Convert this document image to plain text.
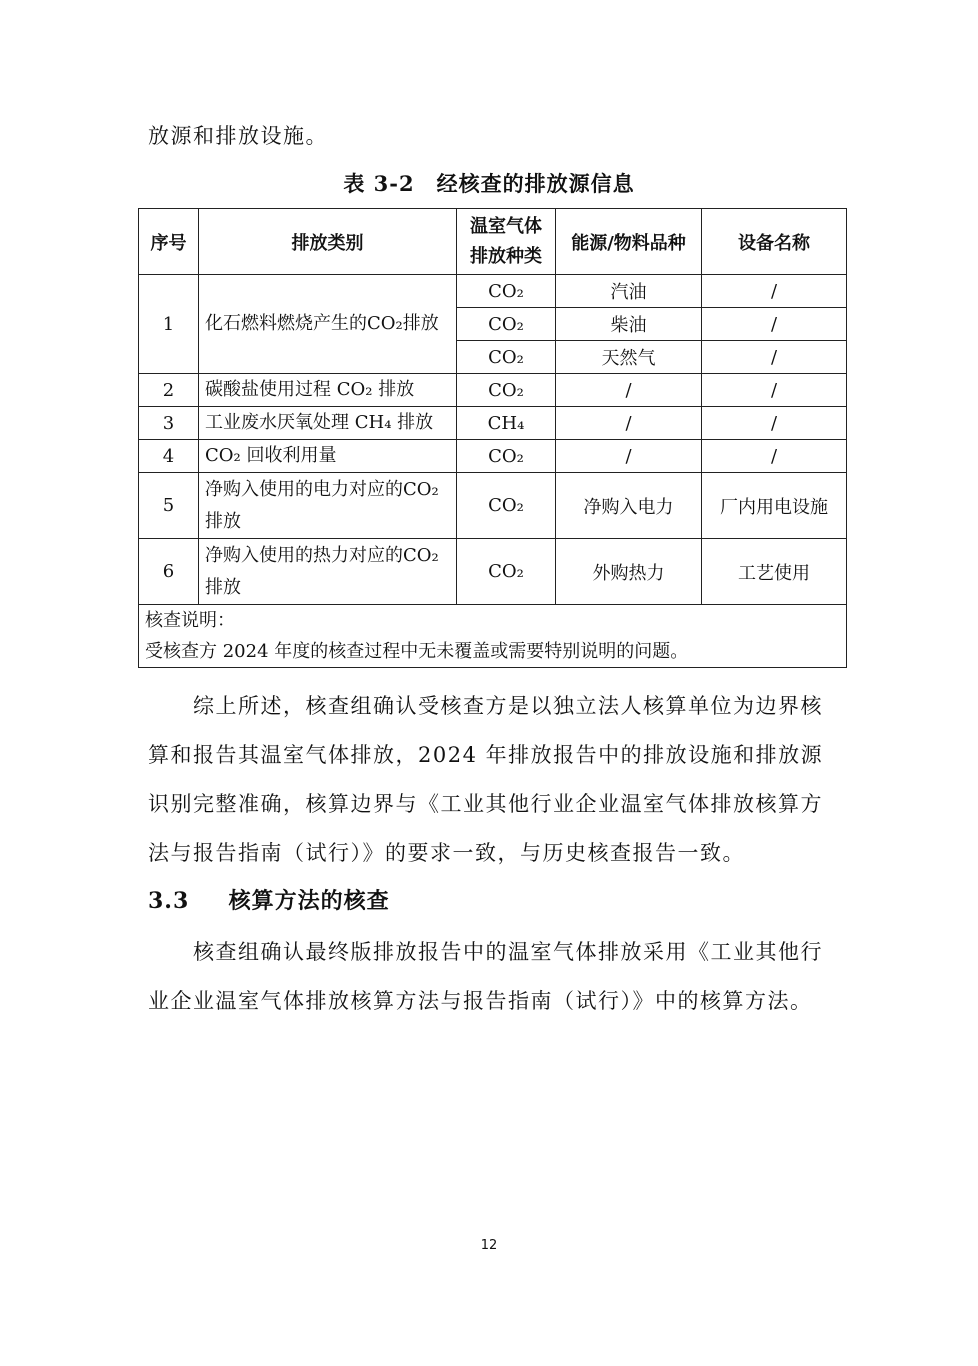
放源和排放设施。
表 3-2　经核查的排放源信息
序号	排放类别	温室气体排放种类	能源/物料品种	设备名称
1	化石燃料燃烧产生的CO₂排放	CO₂	汽油	/
		CO₂	柴油	/
		CO₂	天然气	/
2	碳酸盐使用过程 CO₂ 排放	CO₂	/	/
3	工业废水厌氧处理 CH₄ 排放	CH₄	/	/
4	CO₂ 回收利用量	CO₂	/	/
5	净购入使用的电力对应的CO₂排放	CO₂	净购入电力	厂内用电设施
6	净购入使用的热力对应的CO₂排放	CO₂	外购热力	工艺使用

核查说明：
受核查方 2024 年度的核查过程中无未覆盖或需要特别说明的问题。				
　　综上所述，核查组确认受核查方是以独立法人核算单位为边界核
算和报告其温室气体排放，2024 年排放报告中的排放设施和排放源
识别完整准确，核算边界与《工业其他行业企业温室气体排放核算方
法与报告指南（试行）》的要求一致，与历史核查报告一致。
3.3 核算方法的核查
　　核查组确认最终版排放报告中的温室气体排放采用《工业其他行
业企业温室气体排放核算方法与报告指南（试行）》中的核算方法。
12
